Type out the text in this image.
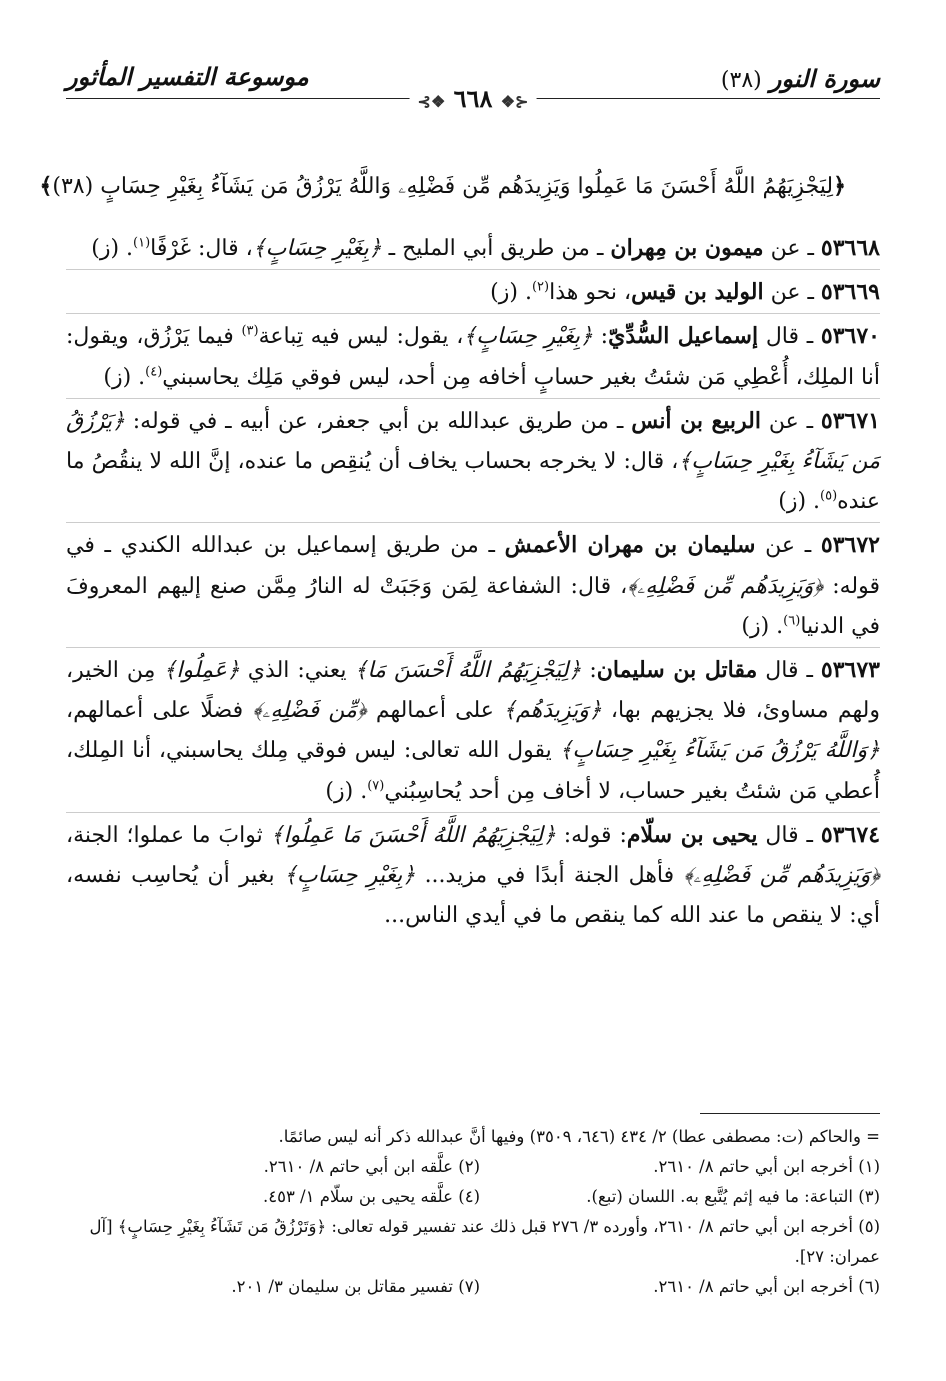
سورة النور(٣٨)
موسوعة التفسير المأثور
⊰❖ ٦٦٨ ❖⊱
﴿لِيَجْزِيَهُمُ اللَّهُ أَحْسَنَ مَا عَمِلُوا وَيَزِيدَهُم مِّن فَضْلِهِۦ وَاللَّهُ يَرْزُقُ مَن يَشَآءُ بِغَيْرِ حِسَابٍ (٣٨)﴾

٥٣٦٦٨ ـ عن ميمون بن مِهران ـ من طريق أبي المليح ـ ﴿بِغَيْرِ حِسَابٍ﴾، قال: غَرْفًا$^{(١)}$. (ز)

٥٣٦٦٩ ـ عن الوليد بن قيس، نحو هذا$^{(٢)}$. (ز)

٥٣٦٧٠ ـ قال إسماعيل السُّدِّيّ: ﴿بِغَيْرِ حِسَابٍ﴾، يقول: ليس فيه تِباعة$^{(٣)}$ فيما يَرْزُق، ويقول: أنا الملِك، أُعْطِي مَن شئتُ بغير حسابٍ أخافه مِن أحد، ليس فوقي مَلِك يحاسبني$^{(٤)}$. (ز)

٥٣٦٧١ ـ عن الربيع بن أنس ـ من طريق عبدالله بن أبي جعفر، عن أبيه ـ في قوله: ﴿يَرْزُقُ مَن يَشَآءُ بِغَيْرِ حِسَابٍ﴾، قال: لا يخرجه بحساب يخاف أن يُنقِص ما عنده، إنَّ الله لا ينقُصُ ما عنده$^{(٥)}$. (ز)

٥٣٦٧٢ ـ عن سليمان بن مهران الأعمش ـ من طريق إسماعيل بن عبدالله الكندي ـ في قوله: ﴿وَيَزِيدَهُم مِّن فَضْلِهِۦ﴾، قال: الشفاعة لِمَن وَجَبَتْ له النارُ مِمَّن صنع إليهم المعروفَ في الدنيا$^{(٦)}$. (ز)

٥٣٦٧٣ ـ قال مقاتل بن سليمان: ﴿لِيَجْزِيَهُمُ اللَّهُ أَحْسَنَ مَا﴾ يعني: الذي ﴿عَمِلُوا﴾ مِن الخير، ولهم مساوئ، فلا يجزيهم بها، ﴿وَيَزِيدَهُم﴾ على أعمالهم ﴿مِّن فَضْلِهِۦ﴾ فضلًا على أعمالهم، ﴿وَاللَّهُ يَرْزُقُ مَن يَشَآءُ بِغَيْرِ حِسَابٍ﴾ يقول الله تعالى: ليس فوقي مِلك يحاسبني، أنا المِلك، أُعطي مَن شئتُ بغير حساب، لا أخاف مِن أحد يُحاسِبُني$^{(٧)}$. (ز)

٥٣٦٧٤ ـ قال يحيى بن سلّام: قوله: ﴿لِيَجْزِيَهُمُ اللَّهُ أَحْسَنَ مَا عَمِلُوا﴾ ثوابَ ما عملوا؛ الجنة، ﴿وَيَزِيدَهُم مِّن فَضْلِهِۦ﴾ فأهل الجنة أبدًا في مزيد... ﴿بِغَيْرِ حِسَابٍ﴾ بغير أن يُحاسِب نفسه، أي: لا ينقص ما عند الله كما ينقص ما في أيدي الناس...

= والحاكم (ت: مصطفى عطا) ٢/ ٤٣٤ (٦٤٦، ٣٥٠٩) وفيها أنَّ عبدالله ذكر أنه ليس صائمًا.
(١) أخرجه ابن أبي حاتم ٨/ ٢٦١٠.
(٢) علَّقه ابن أبي حاتم ٨/ ٢٦١٠.
(٣) التباعة: ما فيه إثم يُتَّبع به. اللسان (تبع).
(٤) علَّقه يحيى بن سلّام ١/ ٤٥٣.
(٥) أخرجه ابن أبي حاتم ٨/ ٢٦١٠، وأورده ٣/ ٢٧٦ قبل ذلك عند تفسير قوله تعالى: ﴿وَتَرْزُقُ مَن تَشَآءُ بِغَيْرِ حِسَابٍ﴾ [آل عمران: ٢٧].
(٦) أخرجه ابن أبي حاتم ٨/ ٢٦١٠.
(٧) تفسير مقاتل بن سليمان ٣/ ٢٠١.
